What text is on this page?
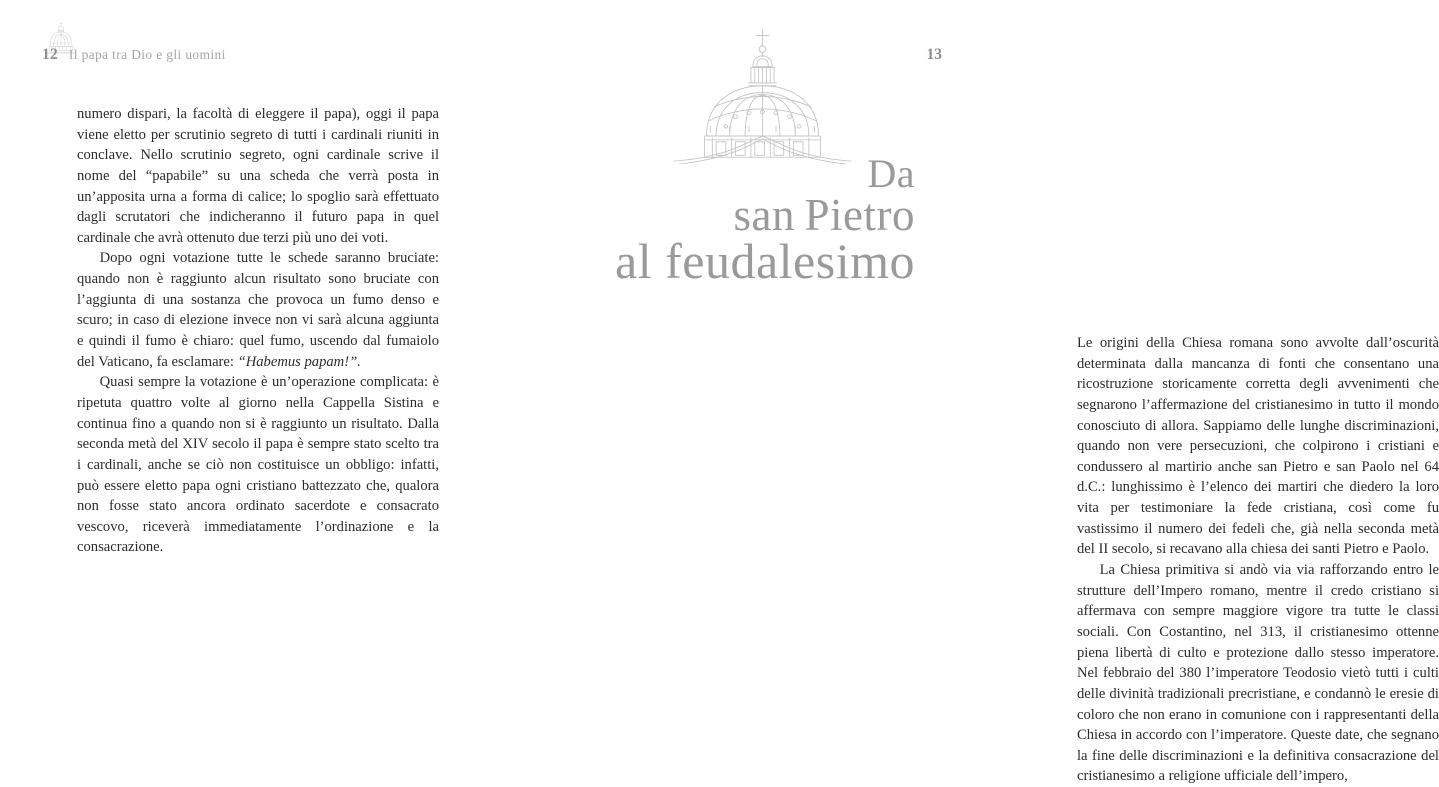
12 Il papa tra Dio e gli uomini

numero dispari, la facoltà di eleggere il papa), oggi il papa viene eletto per scrutinio segreto di tutti i cardinali riuniti in conclave. Nello scrutinio segreto, ogni cardinale scrive il nome del “papabile” su una scheda che verrà posta in un’apposita urna a forma di calice; lo spoglio sarà effettuato dagli scrutatori che indicheranno il futuro papa in quel cardinale che avrà ottenuto due terzi più uno dei voti.

Dopo ogni votazione tutte le schede saranno bruciate: quando non è raggiunto alcun risultato sono bruciate con l’aggiunta di una sostanza che provoca un fumo denso e scuro; in caso di elezione invece non vi sarà alcuna aggiunta e quindi il fumo è chiaro: quel fumo, uscendo dal fumaiolo del Vaticano, fa esclamare: “Habemus papam!”.

Quasi sempre la votazione è un’operazione complicata: è ripetuta quattro volte al giorno nella Cappella Sistina e continua fino a quando non si è raggiunto un risultato. Dalla seconda metà del XIV secolo il papa è sempre stato scelto tra i cardinali, anche se ciò non costituisce un obbligo: infatti, può essere eletto papa ogni cristiano battezzato che, qualora non fosse stato ancora ordinato sacerdote e consacrato vescovo, riceverà immediatamente l’ordinazione e la consacrazione.

13
Da
san Pietro
al feudalesimo

Le origini della Chiesa romana sono avvolte dall’oscurità determinata dalla mancanza di fonti che consentano una ricostruzione storicamente corretta degli avvenimenti che segnarono l’affermazione del cristianesimo in tutto il mondo conosciuto di allora. Sappiamo delle lunghe discriminazioni, quando non vere persecuzioni, che colpirono i cristiani e condussero al martirio anche san Pietro e san Paolo nel 64 d.C.: lunghissimo è l’elenco dei martiri che diedero la loro vita per testimoniare la fede cristiana, così come fu vastissimo il numero dei fedeli che, già nella seconda metà del II secolo, si recavano alla chiesa dei santi Pietro e Paolo.

La Chiesa primitiva si andò via via rafforzando entro le strutture dell’Impero romano, mentre il credo cristiano si affermava con sempre maggiore vigore tra tutte le classi sociali. Con Costantino, nel 313, il cristianesimo ottenne piena libertà di culto e protezione dallo stesso imperatore. Nel febbraio del 380 l’imperatore Teodosio vietò tutti i culti delle divinità tradizionali precristiane, e condannò le eresie di coloro che non erano in comunione con i rappresentanti della Chiesa in accordo con l’imperatore. Queste date, che segnano la fine delle discriminazioni e la definitiva consacrazione del cristianesimo a religione ufficiale dell’impero,
